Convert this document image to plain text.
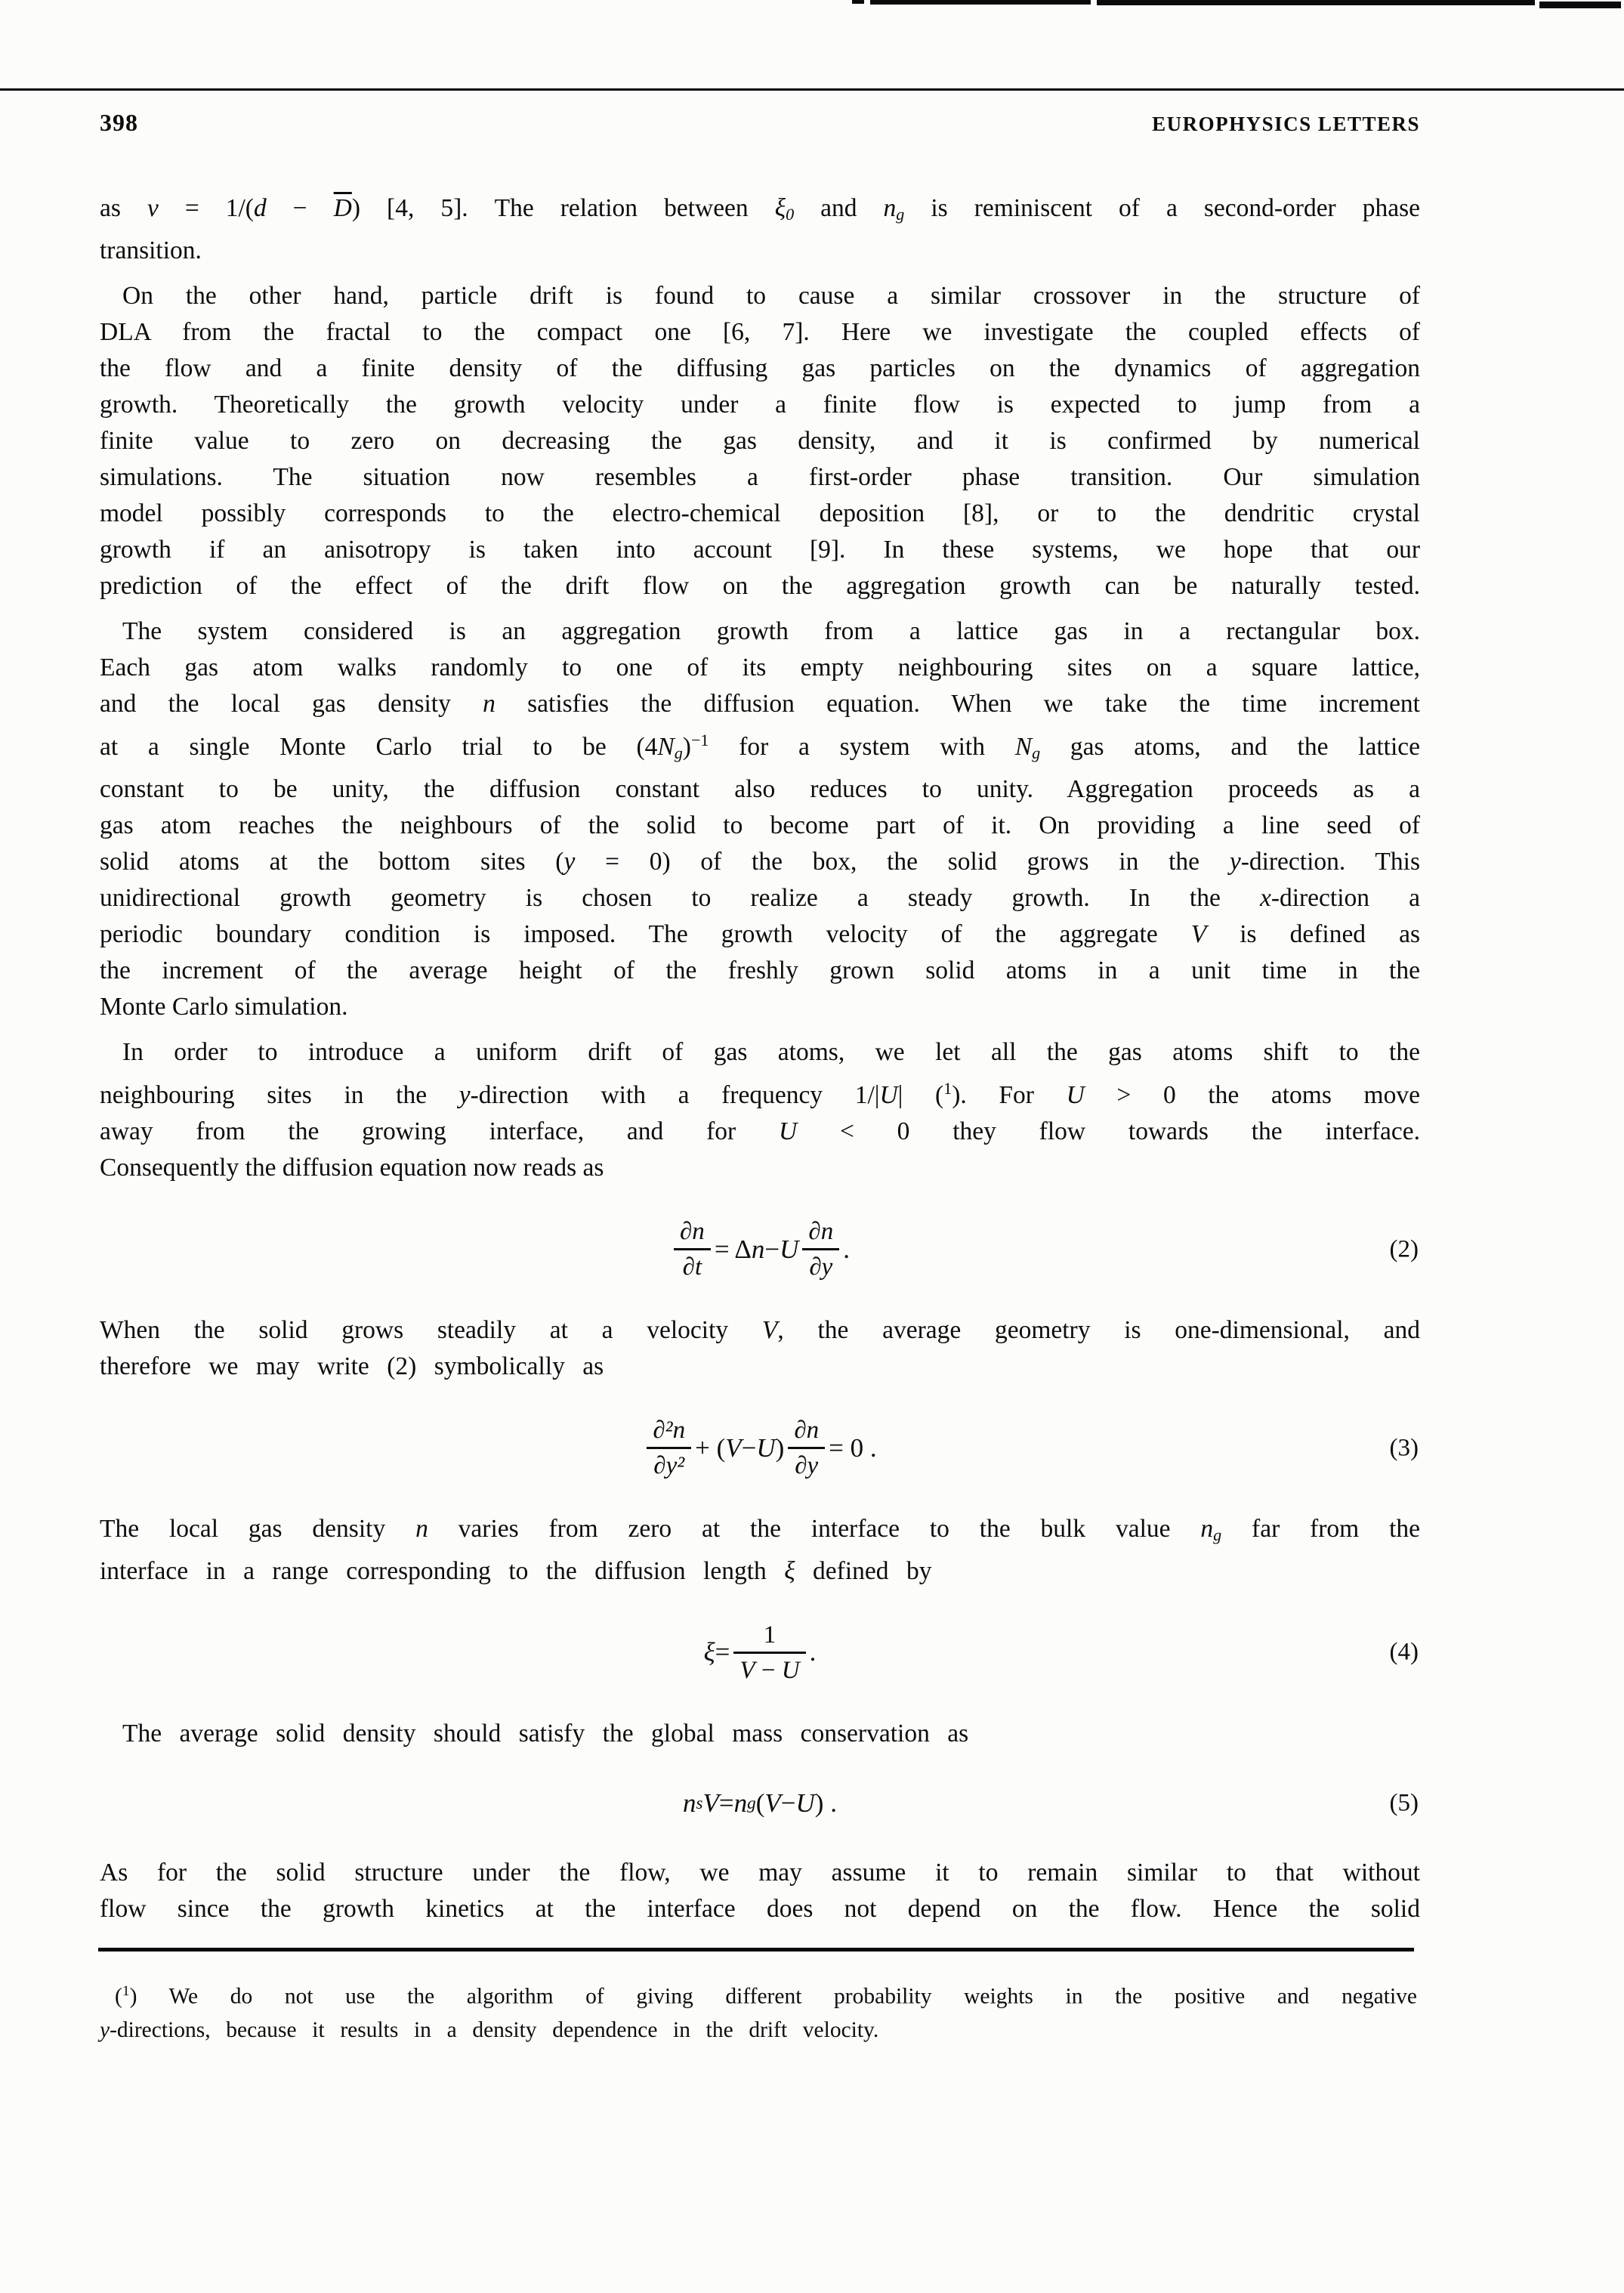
398	EUROPHYSICS LETTERS
as $\nu = 1/(d - \overline{D})$ [4, 5]. The relation between ξ0 and ng is reminiscent of a second-order phase
transition.
On the other hand, particle drift is found to cause a similar crossover in the structure of
DLA from the fractal to the compact one [6, 7]. Here we investigate the coupled effects of
the flow and a finite density of the diffusing gas particles on the dynamics of aggregation
growth. Theoretically the growth velocity under a finite flow is expected to jump from a
finite value to zero on decreasing the gas density, and it is confirmed by numerical
simulations. The situation now resembles a first-order phase transition. Our simulation
model possibly corresponds to the electro-chemical deposition [8], or to the dendritic crystal
growth if an anisotropy is taken into account [9]. In these systems, we hope that our
prediction of the effect of the drift flow on the aggregation growth can be naturally tested.
The system considered is an aggregation growth from a lattice gas in a rectangular box.
Each gas atom walks randomly to one of its empty neighbouring sites on a square lattice,
and the local gas density n satisfies the diffusion equation. When we take the time increment
at a single Monte Carlo trial to be $(4Ng)^{-1}$ for a system with Ng gas atoms, and the lattice
constant to be unity, the diffusion constant also reduces to unity. Aggregation proceeds as a
gas atom reaches the neighbours of the solid to become part of it. On providing a line seed of
solid atoms at the bottom sites (y = 0) of the box, the solid grows in the y-direction. This
unidirectional growth geometry is chosen to realize a steady growth. In the x-direction a
periodic boundary condition is imposed. The growth velocity of the aggregate V is defined as
the increment of the average height of the freshly grown solid atoms in a unit time in the
Monte Carlo simulation.
In order to introduce a uniform drift of gas atoms, we let all the gas atoms shift to the
neighbouring sites in the y-direction with a frequency 1/|U| ($^1$). For U > 0 the atoms move
away from the growing interface, and for U < 0 they flow towards the interface.
Consequently the diffusion equation now reads as
$\frac{\partial n}{\partial t} = \Delta$ n − U $\frac{\partial n}{\partial y}$ .	(2)
When the solid grows steadily at a velocity V, the average geometry is one-dimensional, and
therefore we may write (2) symbolically as
$\frac{\text{∂²n}}{\text{∂y²}}$ + ( V − U ) $\frac{\partial n}{\partial y} = 0$ .	(3)
The local gas density n varies from zero at the interface to the bulk value ng far from the
interface in a range corresponding to the diffusion length ξ defined by
$\xi = \frac{1}{V - U}$ .	(4)
The average solid density should satisfy the global mass conservation as
n s V = n g ( V − U ) .	(5)
As for the solid structure under the flow, we may assume it to remain similar to that without
flow since the growth kinetics at the interface does not depend on the flow. Hence the solid
($^1$) We do not use the algorithm of giving different probability weights in the positive and negative
y-directions, because it results in a density dependence in the drift velocity.
